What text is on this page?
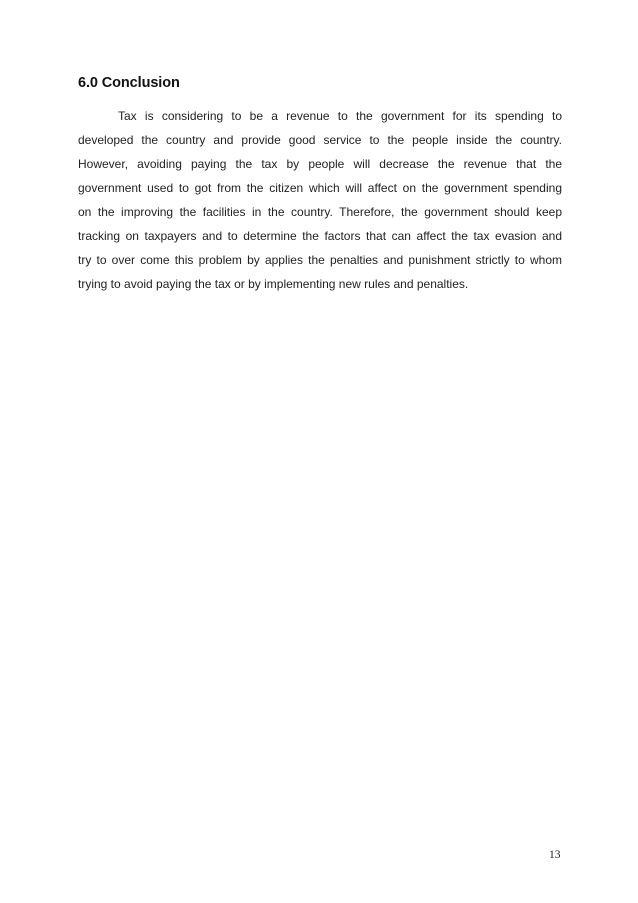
6.0 Conclusion
Tax is considering to be a revenue to the government for its spending to
developed the country and provide good service to the people inside the country.
However, avoiding paying the tax by people will decrease the revenue that the
government used to got from the citizen which will affect on the government spending
on the improving the facilities in the country. Therefore, the government should keep
tracking on taxpayers and to determine the factors that can affect the tax evasion and
try to over come this problem by applies the penalties and punishment strictly to whom
trying to avoid paying the tax or by implementing new rules and penalties.

13
